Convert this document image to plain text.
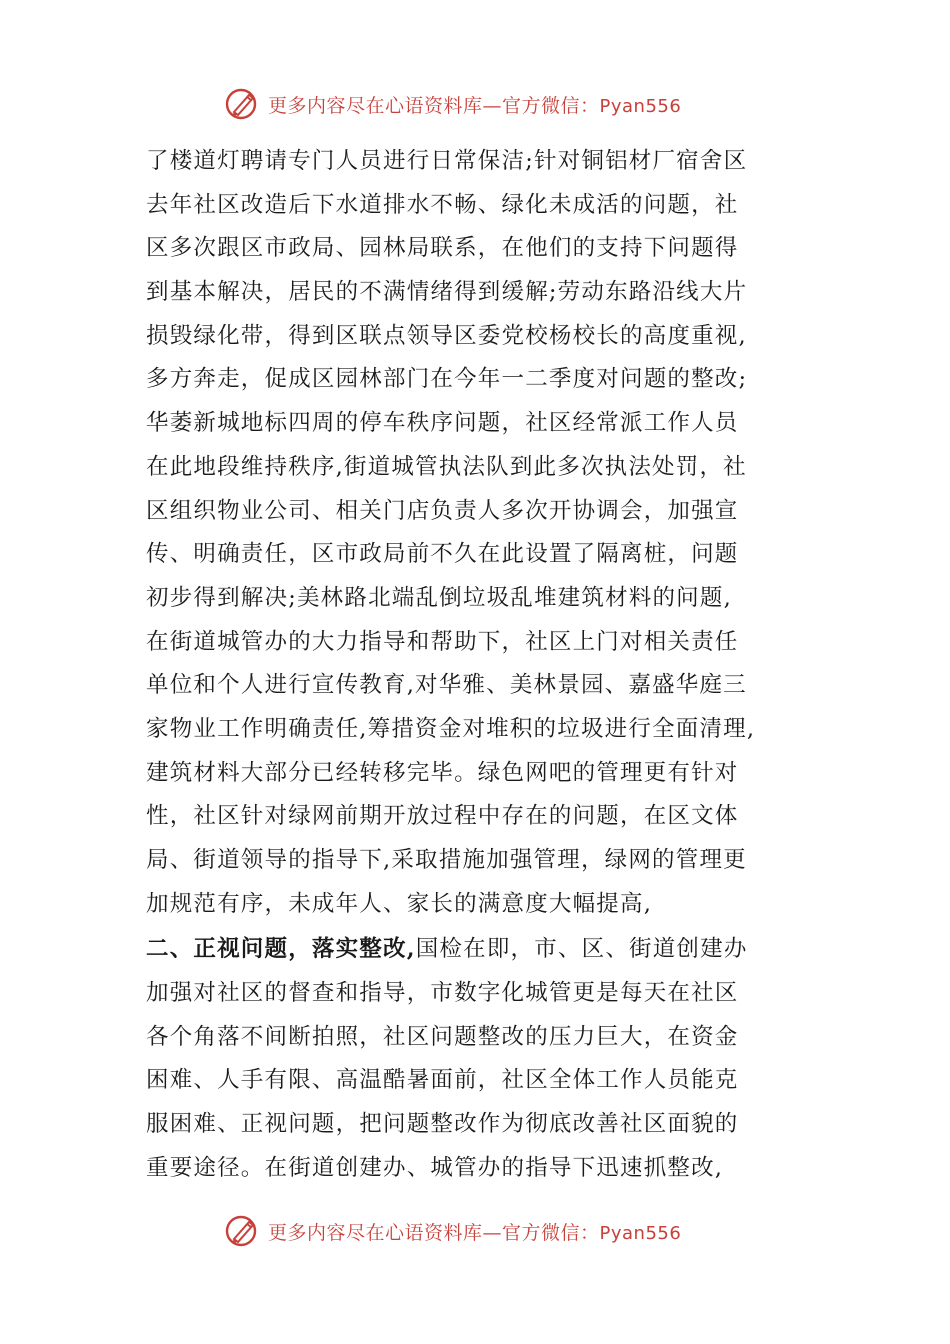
更多内容尽在心语资料库—官方微信：Pyan556
了楼道灯聘请专门人员进行日常保洁;针对铜铝材厂宿舍区
去年社区改造后下水道排水不畅、绿化未成活的问题，社
区多次跟区市政局、园林局联系，在他们的支持下问题得
到基本解决，居民的不满情绪得到缓解;劳动东路沿线大片
损毁绿化带，得到区联点领导区委党校杨校长的高度重视,
多方奔走，促成区园林部门在今年一二季度对问题的整改;
华萎新城地标四周的停车秩序问题，社区经常派工作人员
在此地段维持秩序,街道城管执法队到此多次执法处罚，社
区组织物业公司、相关门店负责人多次开协调会，加强宣
传、明确责任，区市政局前不久在此设置了隔离桩，问题
初步得到解决;美林路北端乱倒垃圾乱堆建筑材料的问题,
在街道城管办的大力指导和帮助下，社区上门对相关责任
单位和个人进行宣传教育,对华雅、美林景园、嘉盛华庭三
家物业工作明确责任,筹措资金对堆积的垃圾进行全面清理,
建筑材料大部分已经转移完毕。绿色网吧的管理更有针对
性，社区针对绿网前期开放过程中存在的问题，在区文体
局、街道领导的指导下,采取措施加强管理，绿网的管理更
加规范有序，未成年人、家长的满意度大幅提高,
二、正视问题，落实整改,国检在即，市、区、街道创建办
加强对社区的督查和指导，市数字化城管更是每天在社区
各个角落不间断拍照，社区问题整改的压力巨大，在资金
困难、人手有限、高温酷暑面前，社区全体工作人员能克
服困难、正视问题，把问题整改作为彻底改善社区面貌的
重要途径。在街道创建办、城管办的指导下迅速抓整改,
更多内容尽在心语资料库—官方微信：Pyan556
